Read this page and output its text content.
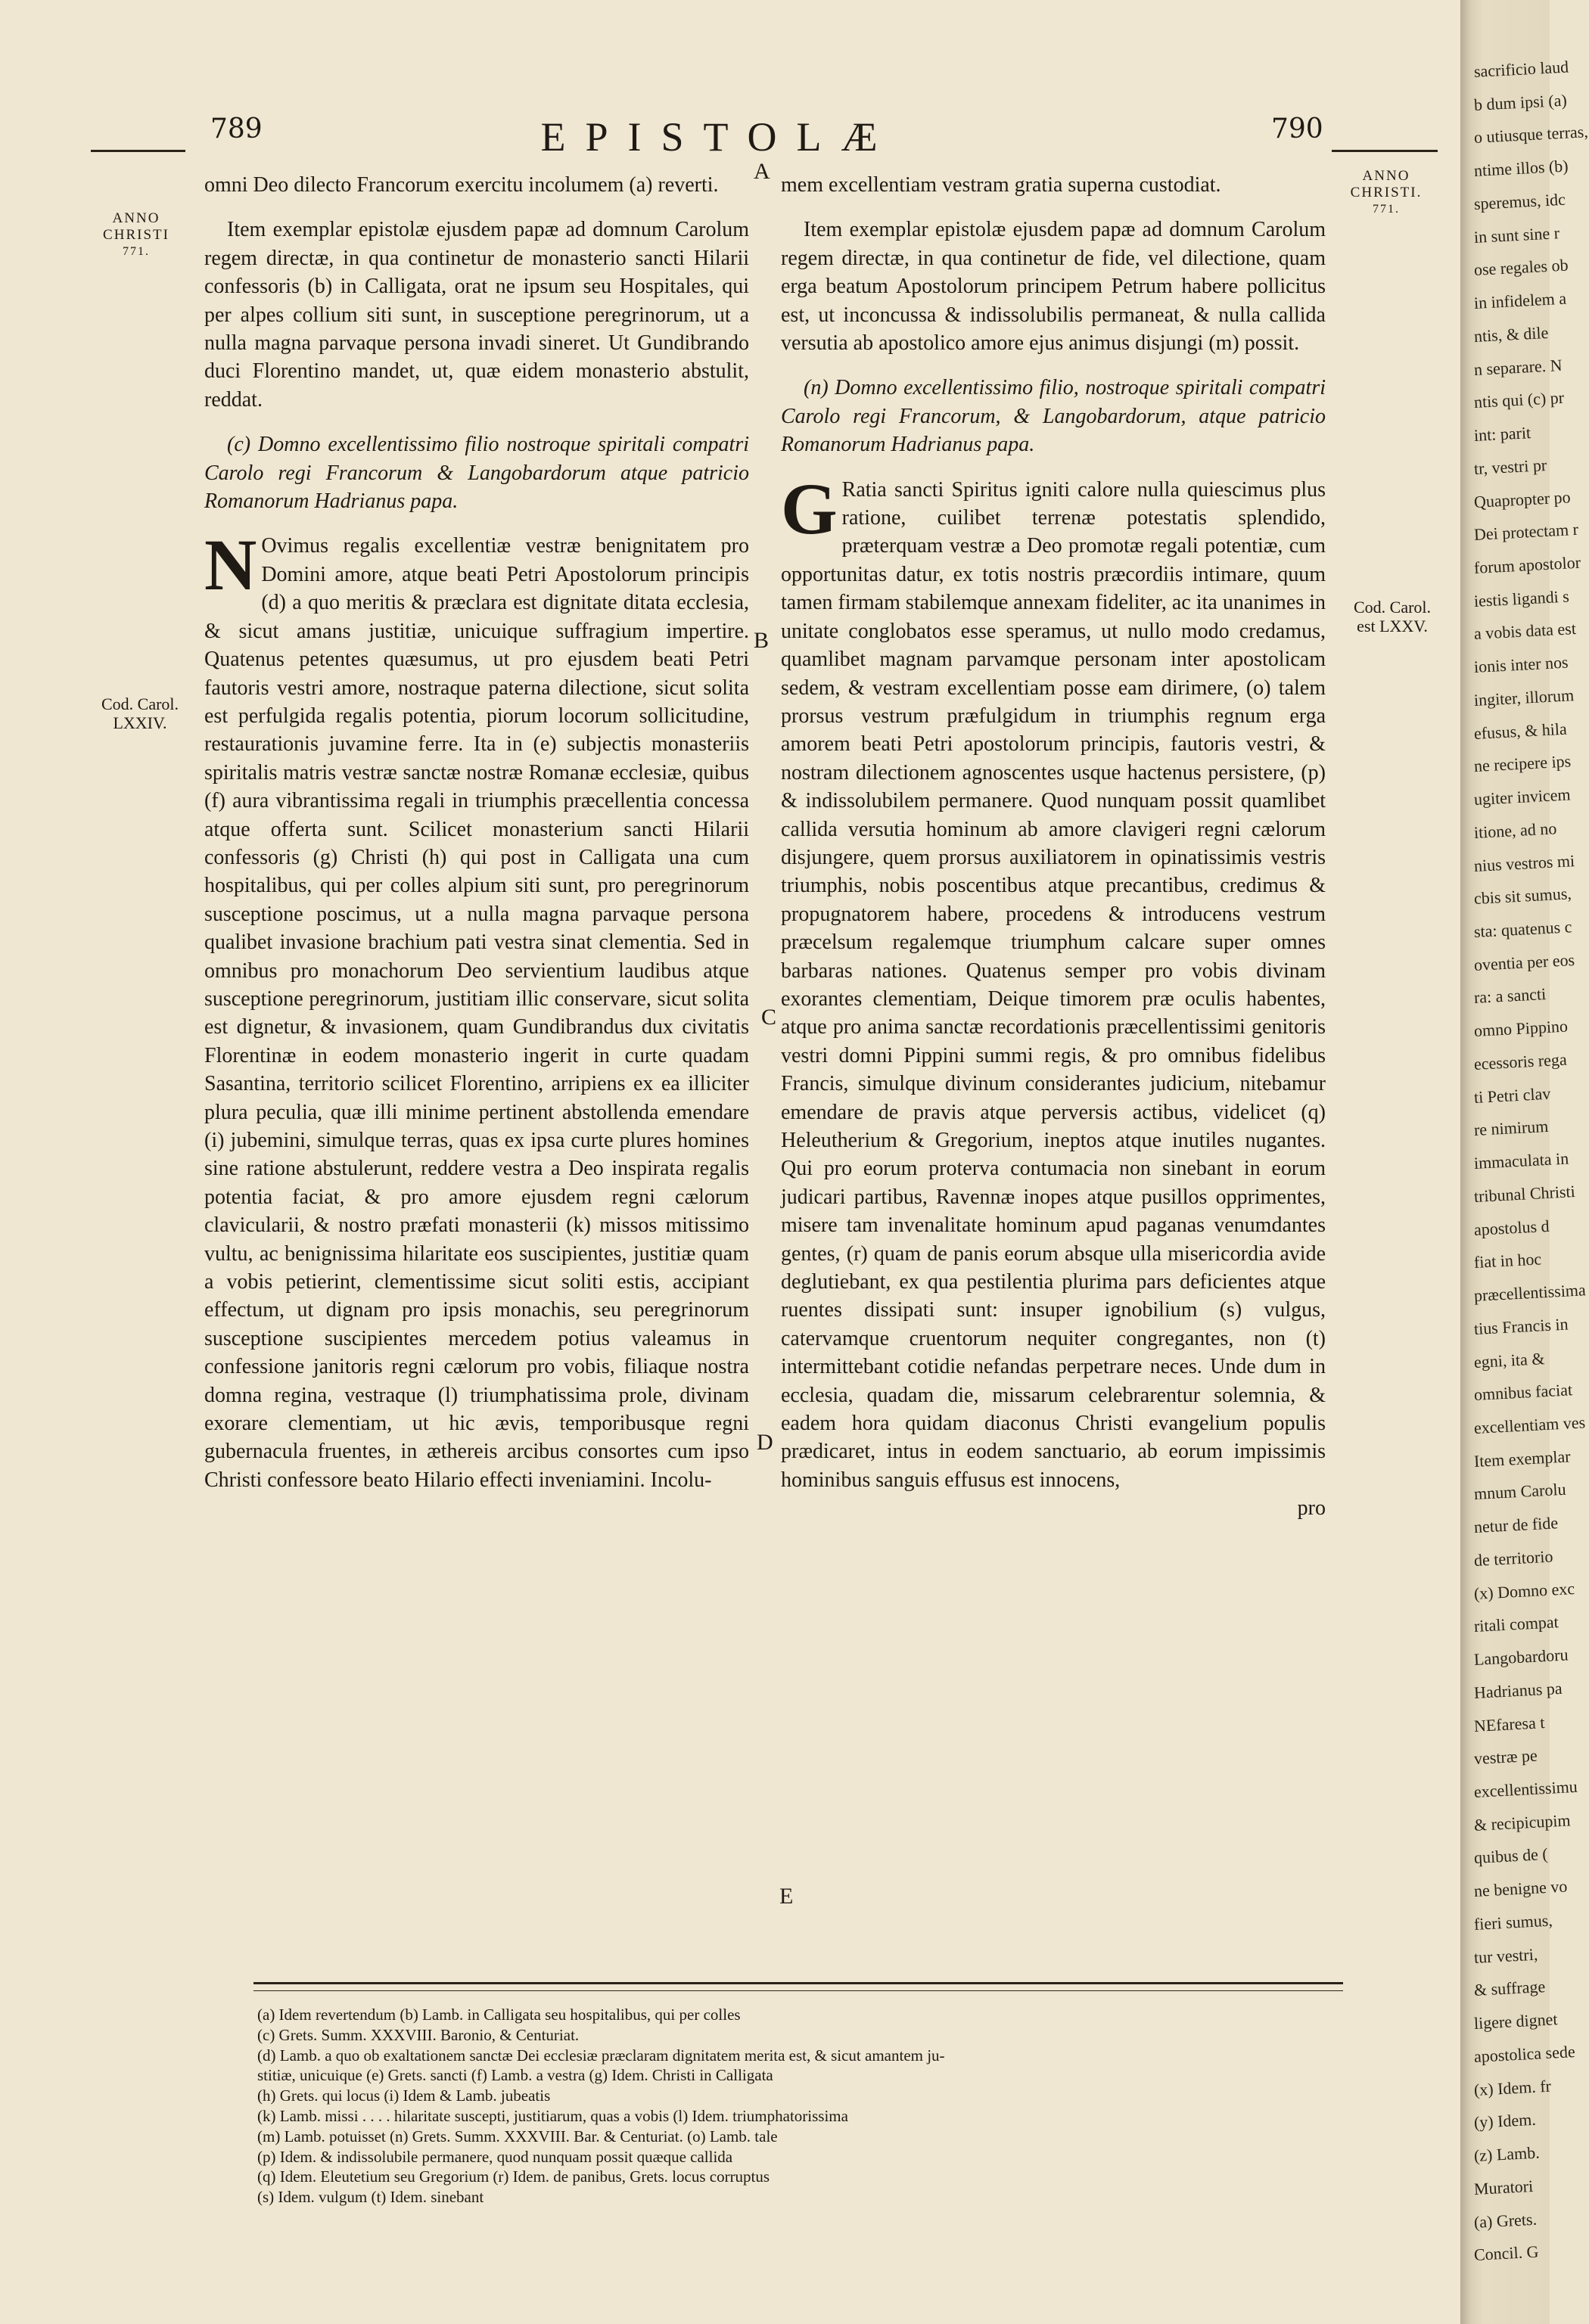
789	EPISTOLÆ	790
ANNO
CHRISTI
771.
ANNO
CHRISTI.
771.
Cod. Carol.
LXXIV.
Cod. Carol.
est LXXV.
A
B
C
D
E

omni Deo dilecto Francorum exercitu incolumem (a) reverti.

Item exemplar epistolæ ejusdem papæ ad domnum Carolum regem directæ, in qua continetur de monasterio sancti Hilarii confessoris (b) in Calligata, orat ne ipsum seu Hospitales, qui per alpes collium siti sunt, in susceptione peregrinorum, ut a nulla magna parvaque persona invadi sineret. Ut Gundibrando duci Florentino mandet, ut, quæ eidem monasterio abstulit, reddat.

(c) Domno excellentissimo filio nostroque spiritali compatri Carolo regi Francorum & Langobardorum atque patricio Romanorum Hadrianus papa.

N Ovimus regalis excellentiæ vestræ benignitatem pro Domini amore, atque beati Petri Apostolorum principis (d) a quo meritis & præclara est dignitate ditata ecclesia, & sicut amans justitiæ, unicuique suffragium impertire. Quatenus petentes quæsumus, ut pro ejusdem beati Petri fautoris vestri amore, nostraque paterna dilectione, sicut solita est perfulgida regalis potentia, piorum locorum sollicitudine, restaurationis juvamine ferre. Ita in (e) subjectis monasteriis spiritalis matris vestræ sanctæ nostræ Romanæ ecclesiæ, quibus (f) aura vibrantissima regali in triumphis præcellentia concessa atque offerta sunt. Scilicet monasterium sancti Hilarii confessoris (g) Christi (h) qui post in Calligata una cum hospitalibus, qui per colles alpium siti sunt, pro peregrinorum susceptione poscimus, ut a nulla magna parvaque persona qualibet invasione brachium pati vestra sinat clementia. Sed in omnibus pro monachorum Deo servientium laudibus atque susceptione peregrinorum, justitiam illic conservare, sicut solita est dignetur, & invasionem, quam Gundibrandus dux civitatis Florentinæ in eodem monasterio ingerit in curte quadam Sasantina, territorio scilicet Florentino, arripiens ex ea illiciter plura peculia, quæ illi minime pertinent abstollenda emendare (i) jubemini, simulque terras, quas ex ipsa curte plures homines sine ratione abstulerunt, reddere vestra a Deo inspirata regalis potentia faciat, & pro amore ejusdem regni cælorum clavicularii, & nostro præfati monasterii (k) missos mitissimo vultu, ac benignissima hilaritate eos suscipientes, justitiæ quam a vobis petierint, clementissime sicut soliti estis, accipiant effectum, ut dignam pro ipsis monachis, seu peregrinorum susceptione suscipientes mercedem potius valeamus in confessione janitoris regni cælorum pro vobis, filiaque nostra domna regina, vestraque (l) triumphatissima prole, divinam exorare clementiam, ut hic ævis, temporibusque regni gubernacula fruentes, in æthereis arcibus consortes cum ipso Christi confessore beato Hilario effecti inveniamini. Incolu-

mem excellentiam vestram gratia superna custodiat.

Item exemplar epistolæ ejusdem papæ ad domnum Carolum regem directæ, in qua continetur de fide, vel dilectione, quam erga beatum Apostolorum principem Petrum habere pollicitus est, ut inconcussa & indissolubilis permaneat, & nulla callida versutia ab apostolico amore ejus animus disjungi (m) possit.

(n) Domno excellentissimo filio, nostroque spiritali compatri Carolo regi Francorum, & Langobardorum, atque patricio Romanorum Hadrianus papa.

G Ratia sancti Spiritus igniti calore nulla quiescimus plus ratione, cuilibet terrenæ potestatis splendido, præterquam vestræ a Deo promotæ regali potentiæ, cum opportunitas datur, ex totis nostris præcordiis intimare, quum tamen firmam stabilemque annexam fideliter, ac ita unanimes in unitate conglobatos esse speramus, ut nullo modo credamus, quamlibet magnam parvamque personam inter apostolicam sedem, & vestram excellentiam posse eam dirimere, (o) talem prorsus vestrum præfulgidum in triumphis regnum erga amorem beati Petri apostolorum principis, fautoris vestri, & nostram dilectionem agnoscentes usque hactenus persistere, (p) & indissolubilem permanere. Quod nunquam possit quamlibet callida versutia hominum ab amore clavigeri regni cælorum disjungere, quem prorsus auxiliatorem in opinatissimis vestris triumphis, nobis poscentibus atque precantibus, credimus & propugnatorem habere, procedens & introducens vestrum præcelsum regalemque triumphum calcare super omnes barbaras nationes. Quatenus semper pro vobis divinam exorantes clementiam, Deique timorem præ oculis habentes, atque pro anima sanctæ recordationis præcellentissimi genitoris vestri domni Pippini summi regis, & pro omnibus fidelibus Francis, simulque divinum considerantes judicium, nitebamur emendare de pravis atque perversis actibus, videlicet (q) Heleutherium & Gregorium, ineptos atque inutiles nugantes. Qui pro eorum proterva contumacia non sinebant in eorum judicari partibus, Ravennæ inopes atque pusillos opprimentes, misere tam invenalitate hominum apud paganas venumdantes gentes, (r) quam de panis eorum absque ulla misericordia avide deglutiebant, ex qua pestilentia plurima pars deficientes atque ruentes dissipati sunt: insuper ignobilium (s) vulgus, catervamque cruentorum nequiter congregantes, non (t) intermittebant cotidie nefandas perpetrare neces. Unde dum in ecclesia, quadam die, missarum celebrarentur solemnia, & eadem hora quidam diaconus Christi evangelium populis prædicaret, intus in eodem sanctuario, ab eorum impissimis hominibus sanguis effusus est innocens,

pro
(a) Idem revertendum (b) Lamb. in Calligata seu hospitalibus, qui per colles
(c) Grets. Summ. XXXVIII. Baronio, & Centuriat.
(d) Lamb. a quo ob exaltationem sanctæ Dei ecclesiæ præclaram dignitatem merita est, & sicut amantem ju-
stitiæ, unicuique (e) Grets. sancti (f) Lamb. a vestra (g) Idem. Christi in Calligata
(h) Grets. qui locus (i) Idem & Lamb. jubeatis
(k) Lamb. missi . . . . hilaritate suscepti, justitiarum, quas a vobis (l) Idem. triumphatorissima
(m) Lamb. potuisset (n) Grets. Summ. XXXVIII. Bar. & Centuriat. (o) Lamb. tale
(p) Idem. & indissolubile permanere, quod nunquam possit quæque callida
(q) Idem. Eleutetium seu Gregorium (r) Idem. de panibus, Grets. locus corruptus
(s) Idem. vulgum (t) Idem. sinebant
sacrificio laud
b dum ipsi (a)
o utiusque terras,
ntime illos (b)
speremus, idc
in sunt sine r
ose regales ob
in infidelem a
ntis, & dile
n separare. N
ntis qui (c) pr
int: parit
tr, vestri pr
Quapropter po
Dei protectam r
forum apostolor
iestis ligandi s
a vobis data est
ionis inter nos
ingiter, illorum
efusus, & hila
ne recipere ips
ugiter invicem
itione, ad no
nius vestros mi
cbis sit sumus,
sta: quatenus c
oventia per eos
ra: a sancti
omno Pippino
ecessoris rega
ti Petri clav
re nimirum
immaculata in
tribunal Christi
apostolus d
fiat in hoc
præcellentissima
tius Francis in
egni, ita &
omnibus faciat
excellentiam ves
Item exemplar
mnum Carolu
netur de fide
de territorio
(x) Domno exc
ritali compat
Langobardoru
Hadrianus pa
NEfaresa t
vestræ pe
excellentissimu
& recipicupim
quibus de (
ne benigne vo
fieri sumus,
tur vestri,
& suffrage
ligere dignet
apostolica sede
(x) Idem. fr
(y) Idem.
(z) Lamb.
Muratori
(a) Grets.
Concil. G
